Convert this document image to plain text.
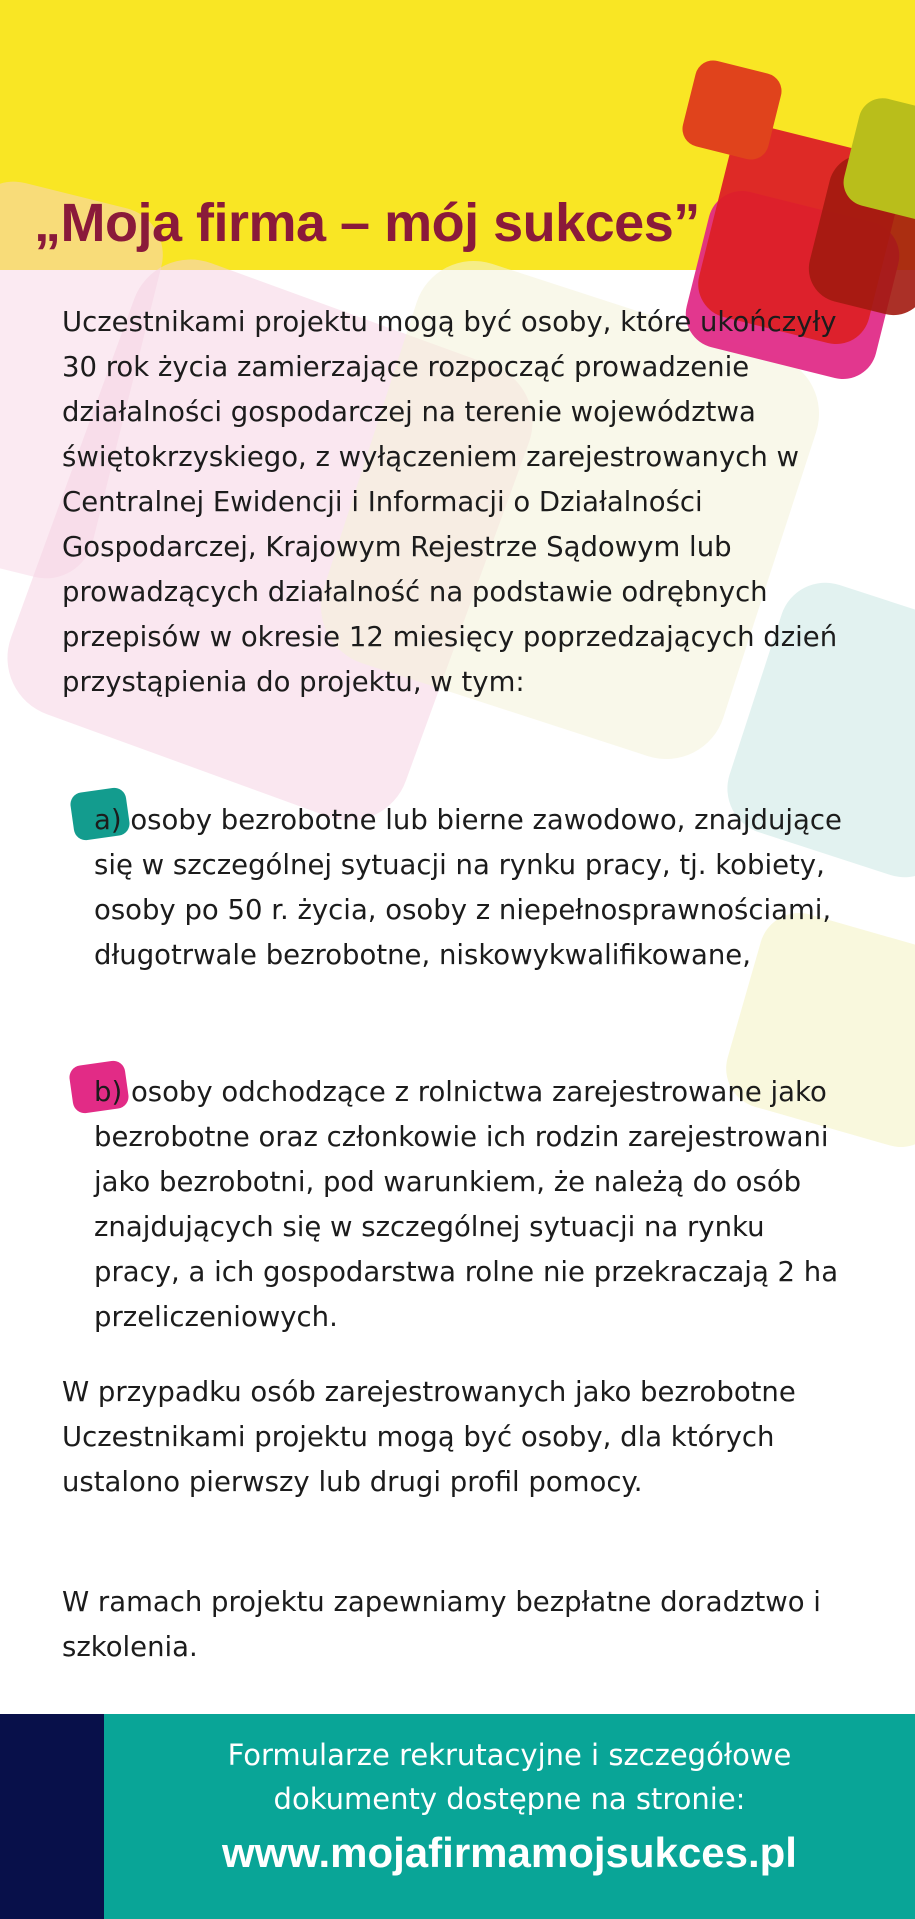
„Moja firma – mój sukces”

Uczestnikami projektu mogą być osoby, które ukończyły 30 rok życia zamierzające rozpocząć prowadzenie działalności gospodarczej na terenie województwa świętokrzyskiego, z wyłączeniem zarejestrowanych w Centralnej Ewidencji i Informacji o Działalności Gospodarczej, Krajowym Rejestrze Sądowym lub prowadzących działalność na podstawie odrębnych przepisów w okresie 12 miesięcy poprzedzających dzień przystąpienia do projektu, w tym:

a) osoby bezrobotne lub bierne zawodowo, znajdujące się w szczególnej sytuacji na rynku pracy, tj. kobiety, osoby po 50 r. życia, osoby z niepełnosprawnościami, długotrwale bezrobotne, niskowykwalifikowane,

b) osoby odchodzące z rolnictwa zarejestrowane jako bezrobotne oraz członkowie ich rodzin zarejestrowani jako bezrobotni, pod warunkiem, że należą do osób znajdujących się w szczególnej sytuacji na rynku pracy, a ich gospodarstwa rolne nie przekraczają 2 ha przeliczeniowych.

W przypadku osób zarejestrowanych jako bezrobotne Uczestnikami projektu mogą być osoby, dla których ustalono pierwszy lub drugi profil pomocy.

W ramach projektu zapewniamy bezpłatne doradztwo i szkolenia.

Formularze rekrutacyjne i szczegółowe

dokumenty dostępne na stronie:

www.mojafirmamojsukces.pl
